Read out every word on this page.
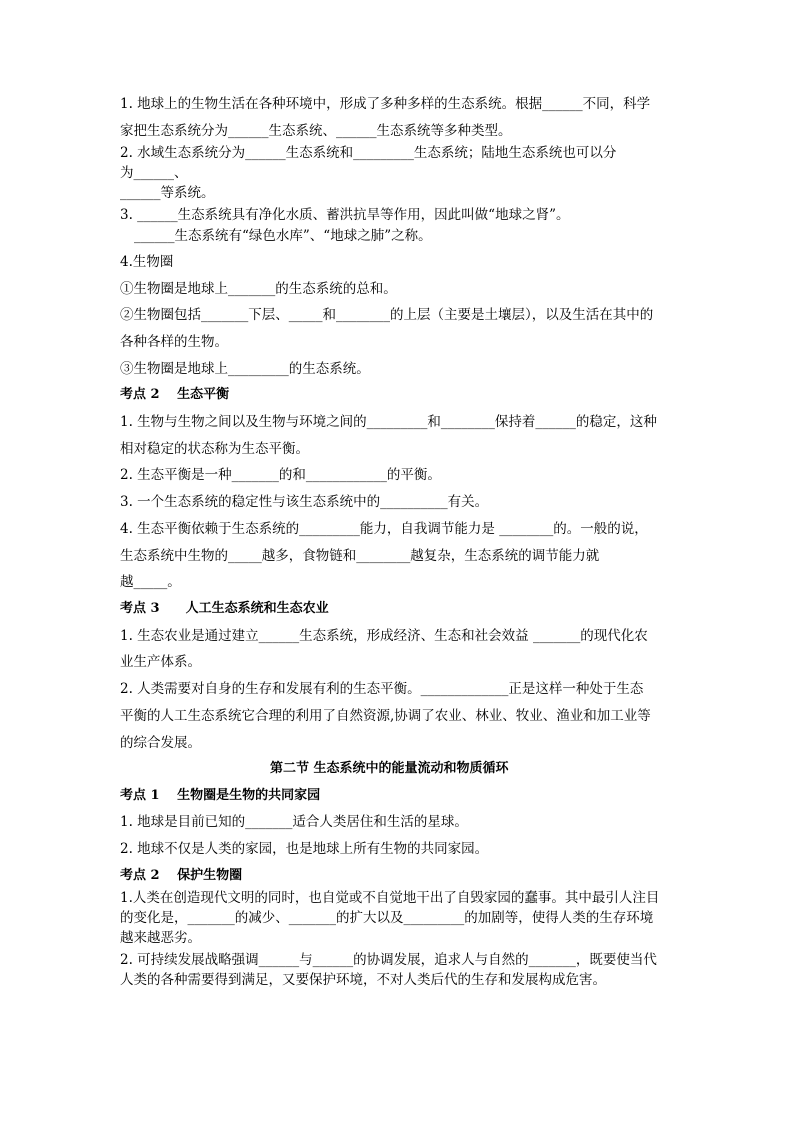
1. 地球上的生物生活在各种环境中，形成了多种多样的生态系统。根据______不同，科学
家把生态系统分为______生态系统、______生态系统等多种类型。
2. 水域生态系统分为______生态系统和_________生态系统；陆地生态系统也可以分
为______、
______等系统。
3. ______生态系统具有净化水质、蓄洪抗旱等作用，因此叫做“地球之肾”。
______生态系统有“绿色水库”、“地球之肺”之称。
4.生物圈
①生物圈是地球上_______的生态系统的总和。
②生物圈包括_______下层、_____和________的上层（主要是土壤层），以及生活在其中的
各种各样的生物。
③生物圈是地球上_________的生态系统。
考点 2　 生态平衡
1. 生物与生物之间以及生物与环境之间的_________和________保持着______的稳定，这种
相对稳定的状态称为生态平衡。
2. 生态平衡是一种_______的和____________的平衡。
3. 一个生态系统的稳定性与该生态系统中的__________有关。
4. 生态平衡依赖于生态系统的_________能力，自我调节能力是 ________的。一般的说，
生态系统中生物的_____越多，食物链和________越复杂，生态系统的调节能力就
越_____。
考点 3　　人工生态系统和生态农业
1. 生态农业是通过建立______生态系统，形成经济、生态和社会效益 _______的现代化农
业生产体系。
2. 人类需要对自身的生存和发展有利的生态平衡。_____________正是这样一种处于生态
平衡的人工生态系统它合理的利用了自然资源,协调了农业、林业、牧业、渔业和加工业等
的综合发展。
第二节 生态系统中的能量流动和物质循环
考点 1　 生物圈是生物的共同家园
1. 地球是目前已知的_______适合人类居住和生活的星球。
2. 地球不仅是人类的家园，也是地球上所有生物的共同家园。
考点 2　 保护生物圈
1.人类在创造现代文明的同时，也自觉或不自觉地干出了自毁家园的蠢事。其中最引人注目
的变化是，_______的减少、_______的扩大以及_________的加剧等，使得人类的生存环境
越来越恶劣。
2. 可持续发展战略强调______与______的协调发展，追求人与自然的_______，既要使当代
人类的各种需要得到满足，又要保护环境，不对人类后代的生存和发展构成危害。
